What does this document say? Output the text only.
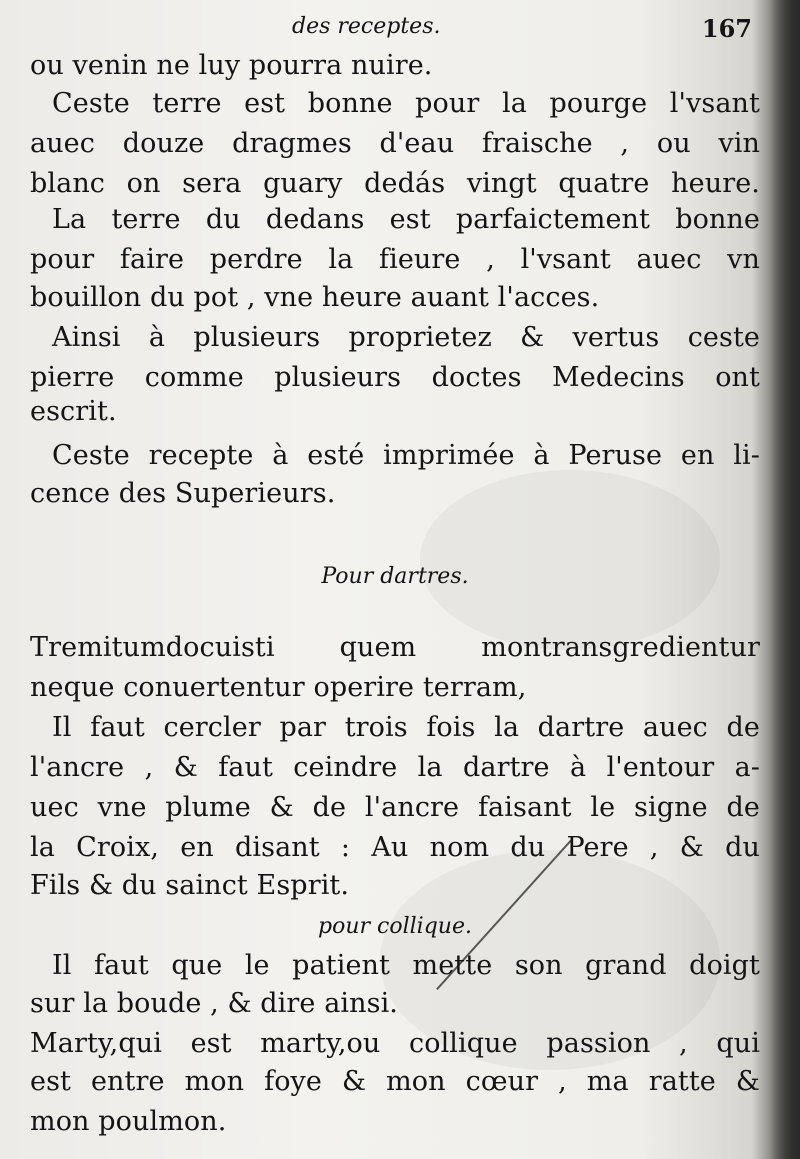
des receptes.	167
ou venin ne luy pourra nuire.
Ceste terre est bonne pour la pourge l'vsant
auec douze dragmes d'eau fraische , ou vin
blanc on sera guary dedás vingt quatre heure.
La terre du dedans est parfaictement bonne
pour faire perdre la fieure , l'vsant auec vn
bouillon du pot , vne heure auant l'acces.
Ainsi à plusieurs proprietez & vertus ceste
pierre comme plusieurs doctes Medecins ont
escrit.
Ceste recepte à esté imprimée à Peruse en li-
cence des Superieurs.
Pour dartres.
Tremitumdocuisti quem montransgredientur
neque conuertentur operire terram,
Il faut cercler par trois fois la dartre auec de
l'ancre , & faut ceindre la dartre à l'entour a-
uec vne plume & de l'ancre faisant le signe de
la Croix, en disant : Au nom du Pere , & du
Fils & du sainct Esprit.
pour collique.
Il faut que le patient mette son grand doigt
sur la boude , & dire ainsi.
Marty,qui est marty,ou collique passion , qui
est entre mon foye & mon cœur , ma ratte &
mon poulmon.
